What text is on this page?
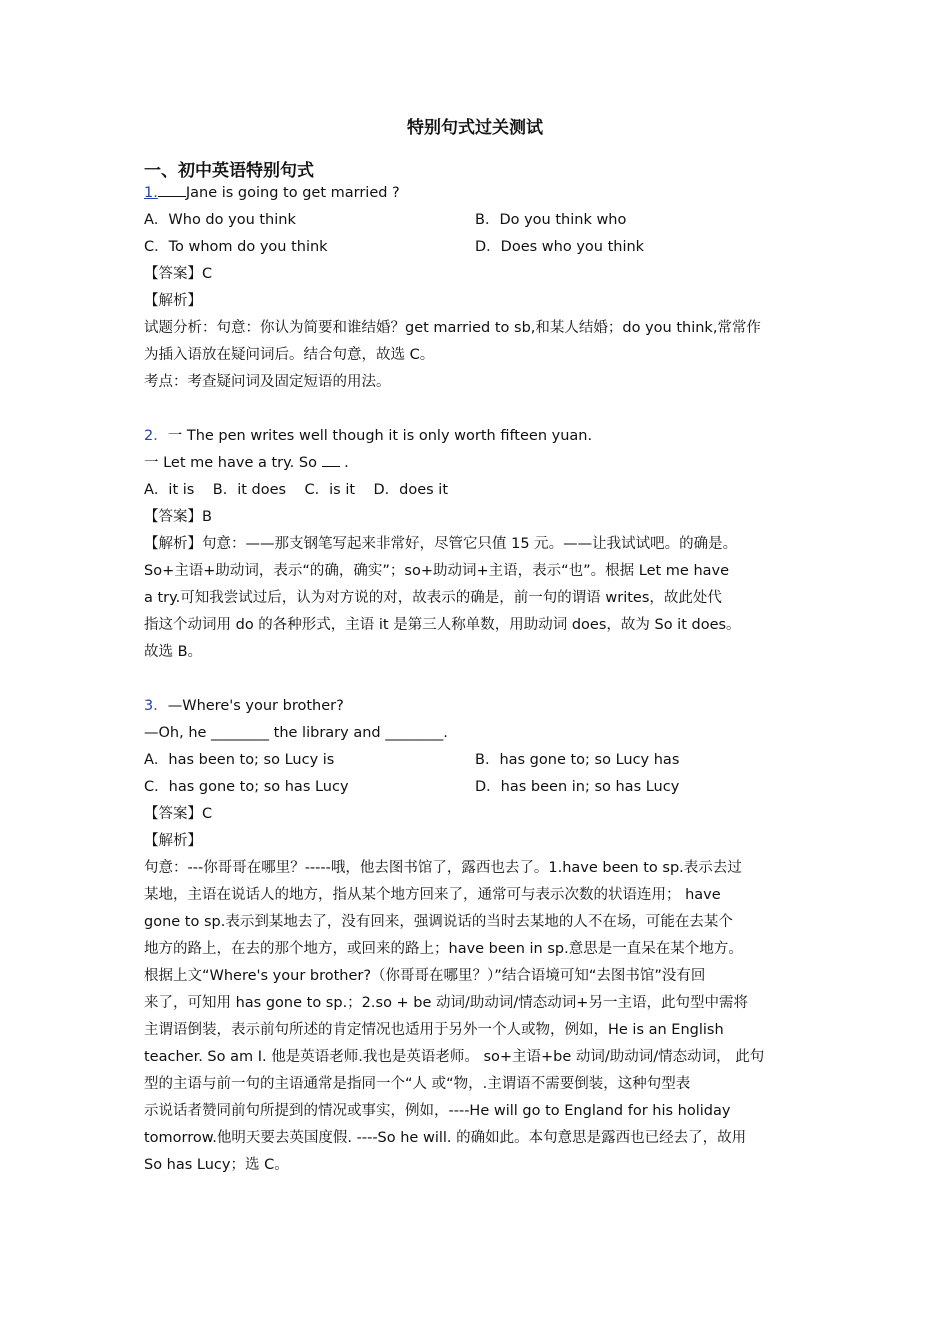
特别句式过关测试
一、初中英语特别句式
1. Jane is going to get married ?
A．Who do you think	B．Do you think who
C．To whom do you think	D．Does who you think
【答案】C
【解析】
试题分析：句意：你认为简要和谁结婚？get married to sb,和某人结婚；do you think,常常作
为插入语放在疑问词后。结合句意，故选 C。
考点：考查疑问词及固定短语的用法。
2．一 The pen writes well though it is only worth fifteen yuan.
一 Let me have a try. So .
A．it is    B．it does    C．is it    D．does it
【答案】B
【解析】句意：——那支钢笔写起来非常好，尽管它只值 15 元。——让我试试吧。的确是。
So+主语+助动词，表示“的确，确实”；so+助动词+主语，表示“也”。根据 Let me have
a try.可知我尝试过后，认为对方说的对，故表示的确是，前一句的谓语 writes，故此处代
指这个动词用 do 的各种形式，主语 it 是第三人称单数，用助动词 does，故为 So it does。
故选 B。
3．—Where's your brother?
—Oh, he ________ the library and ________.
A．has been to; so Lucy is	B．has gone to; so Lucy has
C．has gone to; so has Lucy	D．has been in; so has Lucy
【答案】C
【解析】
句意：---你哥哥在哪里？-----哦，他去图书馆了，露西也去了。1.have been to sp.表示去过
某地，主语在说话人的地方，指从某个地方回来了，通常可与表示次数的状语连用； have
gone to sp.表示到某地去了，没有回来，强调说话的当时去某地的人不在场，可能在去某个
地方的路上，在去的那个地方，或回来的路上；have been in sp.意思是一直呆在某个地方。
根据上文“Where's your brother?（你哥哥在哪里？）”结合语境可知“去图书馆”没有回
来了，可知用 has gone to sp.；2.so + be 动词/助动词/情态动词+另一主语，此句型中需将
主谓语倒装，表示前句所述的肯定情况也适用于另外一个人或物，例如，He is an English
teacher. So am I. 他是英语老师.我也是英语老师。 so+主语+be 动词/助动词/情态动词， 此句
型的主语与前一句的主语通常是指同一个“人 或“物，.主谓语不需要倒装，这种句型表
示说话者赞同前句所提到的情况或事实，例如，----He will go to England for his holiday
tomorrow.他明天要去英国度假. ----So he will. 的确如此。本句意思是露西也已经去了，故用
So has Lucy；选 C。
